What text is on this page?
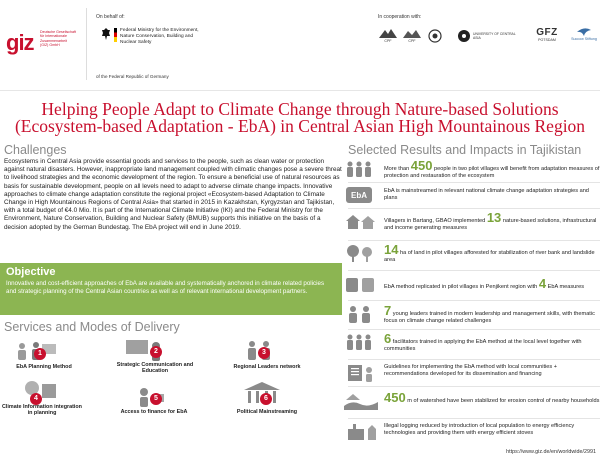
giz Deutsche Gesellschaft für Internationale Zusammenarbeit (GIZ) GmbH
On behalf of:
Federal Ministry for the Environment, Nature Conservation, Building and Nuclear Safety
of the Federal Republic of Germany
In cooperation with:
CPF	CPF
UNIVERSITY OF CENTRAL ASIA	GFZ
POTSDAM	Succow Stiftung
Helping People Adapt to Climate Change through Nature-based Solutions
(Ecosystem-based Adaptation - EbA) in Central Asian High Mountainous Region
Challenges
Ecosystems in Central Asia provide essential goods and services to the people, such as clean water or protection against natural disasters. However, inappropriate land management coupled with climatic changes pose a severe threat to livelihood strategies and the economic development of the region. To ensure a beneficial use of natural resources as basis for sustainable development, people on all levels need to adapt to adverse climate change impacts. Innovative approaches to climate change adaptation constitute the regional project «Ecosystem-based Adaptation to Climate Change in High Mountainous Regions of Central Asia» that started in 2015 in Kazakhstan, Kyrgyzstan and Tajikistan, with a total budget of €4.0 Mio. It is part of the International Climate Initiative (IKI) and the Federal Ministry for the Environment, Nature Conservation, Building and Nuclear Safety (BMUB) supports this initiative on the basis of a decision adopted by the German Bundestag. The EbA project will end in June 2019.
Objective
Innovative and cost-efficient approaches of EbA are available and systematically anchored in climate related policies and strategic planning of the Central Asian countries as well as of relevant international development partners.
Services and Modes of Delivery
1
EbA Planning Method
2
Strategic Communication and Education
3
Regional Leaders network
4
Climate Information integration in planning
5
Access to finance for EbA
6
Political Mainstreaming
Selected Results and Impacts in Tajikistan
More than 450 people in two pilot villages will benefit from adaptation measures of protection and restauration of the ecosystem
EbA	EbA is mainstreamed in relevant national climate change adaptation strategies and plans
Villagers in Bartang, GBAO implemented 13 nature-based solutions, infrastructural and income generating measures
14 ha of land in pilot villages afforested for stabilization of river bank and landslide area
EbA method replicated in pilot villages in Penjikent region with 4 EbA measures
7 young leaders trained in modern leadership and management skills, with thematic focus on climate change related challenges
6 facilitators trained in applying the EbA method at the local level together with communities
Guidelines for implementing the EbA method with local communities + recommendations developed for its dissemination and financing
450 m of watershed have been stabilized for erosion control of nearby households
Illegal logging reduced by introduction of local population to energy efficiency technologies and providing them with energy efficient stoves
https://www.giz.de/en/worldwide/2991
